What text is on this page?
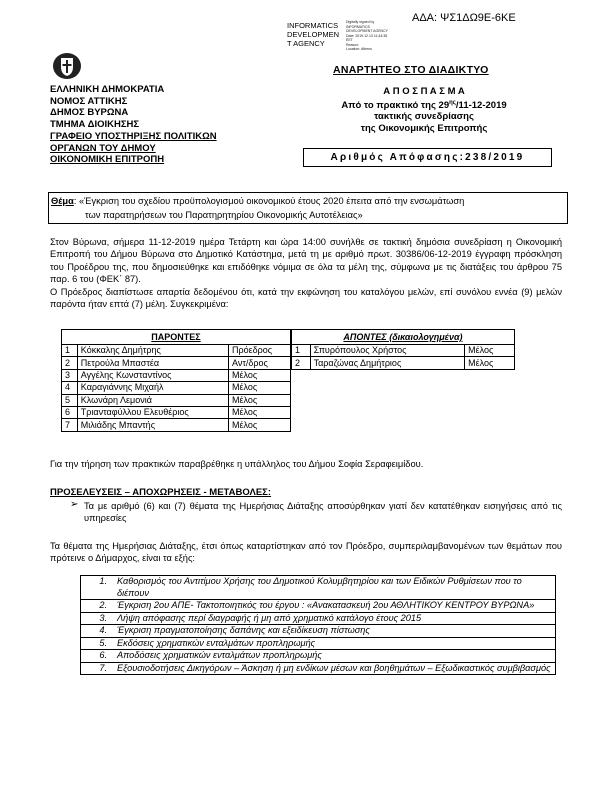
ΑΔΑ: ΨΣ1ΔΩ9Ε-6ΚΕ
INFORMATICS
DEVELOPMEN
T AGENCY
Digitally signed by
INFORMATICS
DEVELOPMENT AGENCY
Date: 2019.12.13 11:44:38
EET
Reason:
Location: Athens
ΕΛΛΗΝΙΚΗ ΔΗΜΟΚΡΑΤΙΑ
ΝΟΜΟΣ ΑΤΤΙΚΗΣ
ΔΗΜΟΣ ΒΥΡΩΝΑ
ΤΜΗΜΑ ΔΙΟΙΚΗΣΗΣ
ΓΡΑΦΕΙΟ ΥΠΟΣΤΗΡΙΞΗΣ ΠΟΛΙΤΙΚΩΝ
ΟΡΓΑΝΩΝ ΤΟΥ ΔΗΜΟΥ
ΟΙΚΟΝΟΜΙΚΗ ΕΠΙΤΡΟΠΗ
ΑΝΑΡΤΗΤΕΟ ΣΤΟ ΔΙΑΔΙΚΤΥΟ
Α Π Ο Σ Π Α Σ Μ Α
Από το πρακτικό της $29^{\eta\varsigma}/11-12-2019$
τακτικής συνεδρίασης
της Οικονομικής Επιτροπής
Αριθμός Απόφασης:238/2019
Θέμα: «Έγκριση του σχεδίου προϋπολογισμού οικονομικού έτους 2020 έπειτα από την ενσωμάτωση
των παρατηρήσεων του Παρατηρητηρίου Οικονομικής Αυτοτέλειας»
Στον Βύρωνα, σήμερα 11-12-2019 ημέρα Τετάρτη και ώρα 14:00 συνήλθε σε τακτική δημόσια συνεδρίαση η Οικονομική Επιτροπή του Δήμου Βύρωνα στο Δημοτικό Κατάστημα, μετά τη με αριθμό πρωτ. 30386/06-12-2019 έγγραφη πρόσκληση του Προέδρου της, που δημοσιεύθηκε και επιδόθηκε νόμιμα σε όλα τα μέλη της, σύμφωνα με τις διατάξεις του άρθρου 75 παρ. 6 του (ΦΕΚ΄ 87).
Ο Πρόεδρος διαπίστωσε απαρτία δεδομένου ότι, κατά την εκφώνηση του καταλόγου μελών, επί συνόλου εννέα (9) μελών παρόντα ήταν επτά (7) μέλη. Συγκεκριμένα:
ΠΑΡΟΝΤΕΣ		
1	Κόκκαλης Δημήτρης	Πρόεδρος
2	Πετρούλα Μπαστέα	Αντ/δρος
3	Αγγέλης Κωνσταντίνος	Μέλος
4	Καραγιάννης Μιχαήλ	Μέλος
5	Κλωνάρη Λεμονιά	Μέλος
6	Τριανταφύλλου Ελευθέριος	Μέλος
7	Μιλιάδης Μπαντής	Μέλος
ΑΠΟΝΤΕΣ (δικαιολογημένα)		
1	Σπυρόπουλος Χρήστος	Μέλος
2	Ταραζώνας Δημήτριος	Μέλος
Για την τήρηση των πρακτικών παραβρέθηκε η υπάλληλος του Δήμου Σοφία Σεραφειμίδου.
ΠΡΟΣΕΛΕΥΣΕΙΣ – ΑΠΟΧΩΡΗΣΕΙΣ - ΜΕΤΑΒΟΛΕΣ:
➢ Τα με αριθμό (6) και (7) θέματα της Ημερήσιας Διάταξης αποσύρθηκαν γιατί δεν κατατέθηκαν εισηγήσεις από τις υπηρεσίες
Τα θέματα της Ημερήσιας Διάταξης, έτσι όπως καταρτίστηκαν από τον Πρόεδρο, συμπεριλαμβανομένων των θεμάτων που πρότεινε ο Δήμαρχος, είναι τα εξής:
1.	Καθορισμός του Αντιτίμου Χρήσης του Δημοτικού Κολυμβητηρίου και των Ειδικών Ρυθμίσεων που το διέπουν
2.	Έγκριση 2ου ΑΠΕ- Τακτοποιητικός του έργου : «Ανακατασκευή 2ου ΑΘΛΗΤΙΚΟΥ ΚΕΝΤΡΟΥ ΒΥΡΩΝΑ»
3.	Λήψη απόφασης περί διαγραφής ή μη από χρηματικό κατάλογο έτους 2015
4.	Έγκριση πραγματοποίησης δαπάνης και εξειδίκευση πίστωσης
5.	Εκδόσεις χρηματικών ενταλμάτων προπληρωμής
6.	Αποδόσεις χρηματικών ενταλμάτων προπληρωμής
7.	Εξουσιοδοτήσεις Δικηγόρων – Άσκηση ή μη ενδίκων μέσων και βοηθημάτων – Εξωδικαστικός συμβιβασμός
